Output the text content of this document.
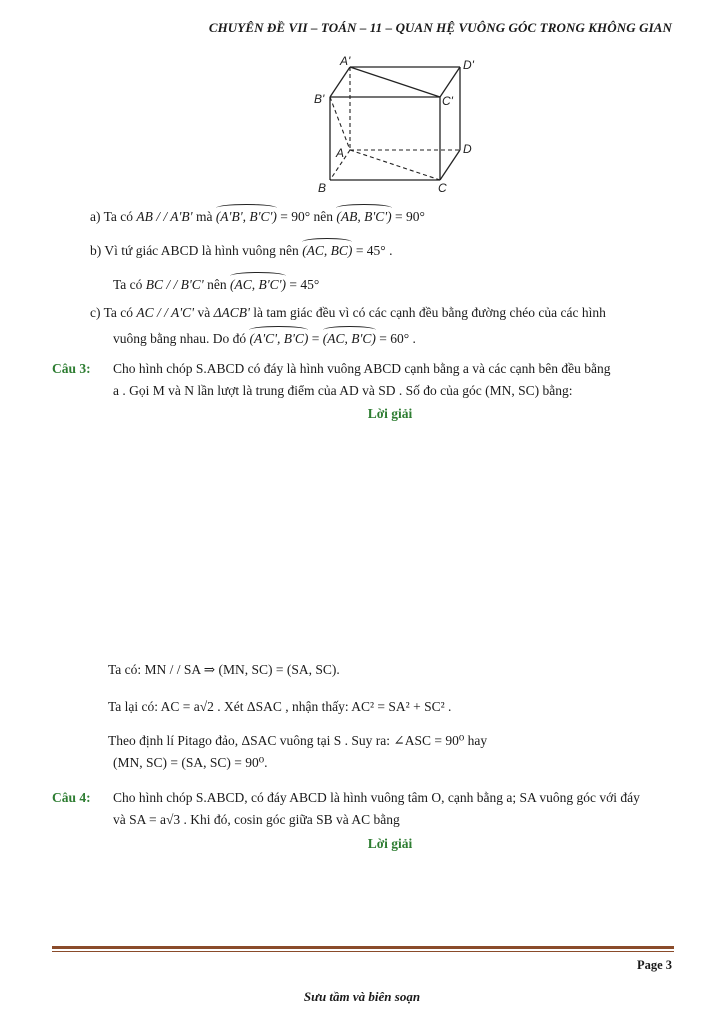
CHUYÊN ĐỀ VII – TOÁN – 11 – QUAN HỆ VUÔNG GÓC TRONG KHÔNG GIAN
A'	D'
B'	C'
A	D
B	C
a) Ta có AB / / A'B' mà (A'B', B'C') = 90° nên (AB, B'C') = 90°
b) Vì tứ giác ABCD là hình vuông nên (AC, BC) = 45° .
Ta có BC / / B'C' nên (AC, B'C') = 45°
c) Ta có AC / / A'C' và ΔACB' là tam giác đều vì có các cạnh đều bằng đường chéo của các hình
vuông bằng nhau. Do đó (A'C', B'C) = (AC, B'C) = 60° .
Câu 3: Cho hình chóp S.ABCD có đáy là hình vuông ABCD cạnh bằng a và các cạnh bên đều bằng
a . Gọi M và N lần lượt là trung điểm của AD và SD . Số đo của góc (MN, SC) bằng:
Lời giải
Ta có: MN / / SA ⇒ (MN, SC) = (SA, SC).
Ta lại có: AC = a√2 . Xét ΔSAC , nhận thấy: AC² = SA² + SC² .
Theo định lí Pitago đảo, ΔSAC vuông tại S . Suy ra: ∠ASC = 90⁰ hay
(MN, SC) = (SA, SC) = 90⁰.
Câu 4: Cho hình chóp S.ABCD, có đáy ABCD là hình vuông tâm O, cạnh bằng a; SA vuông góc với đáy
và SA = a√3 . Khi đó, cosin góc giữa SB và AC bằng
Lời giải
Page 3
Sưu tầm và biên soạn
